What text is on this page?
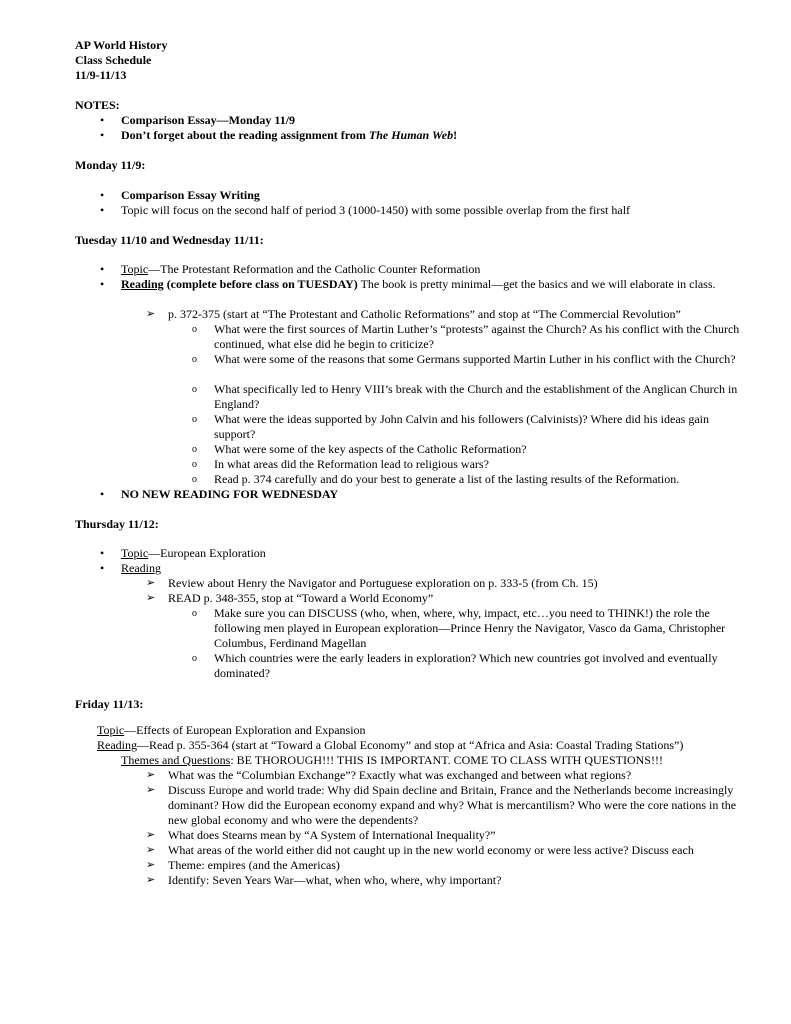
AP World History
Class Schedule
11/9-11/13
NOTES:
• Comparison Essay—Monday 11/9
• Don’t forget about the reading assignment from The Human Web!
Monday 11/9:
• Comparison Essay Writing
• Topic will focus on the second half of period 3 (1000-1450) with some possible overlap from the first half
Tuesday 11/10 and Wednesday 11/11:
• Topic—The Protestant Reformation and the Catholic Counter Reformation
• Reading (complete before class on TUESDAY) The book is pretty minimal—get the basics and we will elaborate in class.
➢ p. 372-375 (start at “The Protestant and Catholic Reformations” and stop at “The Commercial Revolution”
o What were the first sources of Martin Luther’s “protests” against the Church? As his conflict with the Church continued, what else did he begin to criticize?
o What were some of the reasons that some Germans supported Martin Luther in his conflict with the Church?
o What specifically led to Henry VIII’s break with the Church and the establishment of the Anglican Church in England?
o What were the ideas supported by John Calvin and his followers (Calvinists)? Where did his ideas gain support?
o What were some of the key aspects of the Catholic Reformation?
o In what areas did the Reformation lead to religious wars?
o Read p. 374 carefully and do your best to generate a list of the lasting results of the Reformation.
• NO NEW READING FOR WEDNESDAY
Thursday 11/12:
• Topic—European Exploration
• Reading
➢ Review about Henry the Navigator and Portuguese exploration on p. 333-5 (from Ch. 15)
➢ READ p. 348-355, stop at “Toward a World Economy”
o Make sure you can DISCUSS (who, when, where, why, impact, etc…you need to THINK!) the role the following men played in European exploration—Prince Henry the Navigator, Vasco da Gama, Christopher Columbus, Ferdinand Magellan
o Which countries were the early leaders in exploration? Which new countries got involved and eventually dominated?
Friday 11/13:
Topic—Effects of European Exploration and Expansion
Reading—Read p. 355-364 (start at “Toward a Global Economy” and stop at “Africa and Asia: Coastal Trading Stations”)
Themes and Questions: BE THOROUGH!!! THIS IS IMPORTANT. COME TO CLASS WITH QUESTIONS!!!
➢ What was the “Columbian Exchange”? Exactly what was exchanged and between what regions?
➢ Discuss Europe and world trade: Why did Spain decline and Britain, France and the Netherlands become increasingly dominant? How did the European economy expand and why? What is mercantilism? Who were the core nations in the new global economy and who were the dependents?
➢ What does Stearns mean by “A System of International Inequality?”
➢ What areas of the world either did not caught up in the new world economy or were less active? Discuss each
➢ Theme: empires (and the Americas)
➢ Identify: Seven Years War—what, when who, where, why important?
